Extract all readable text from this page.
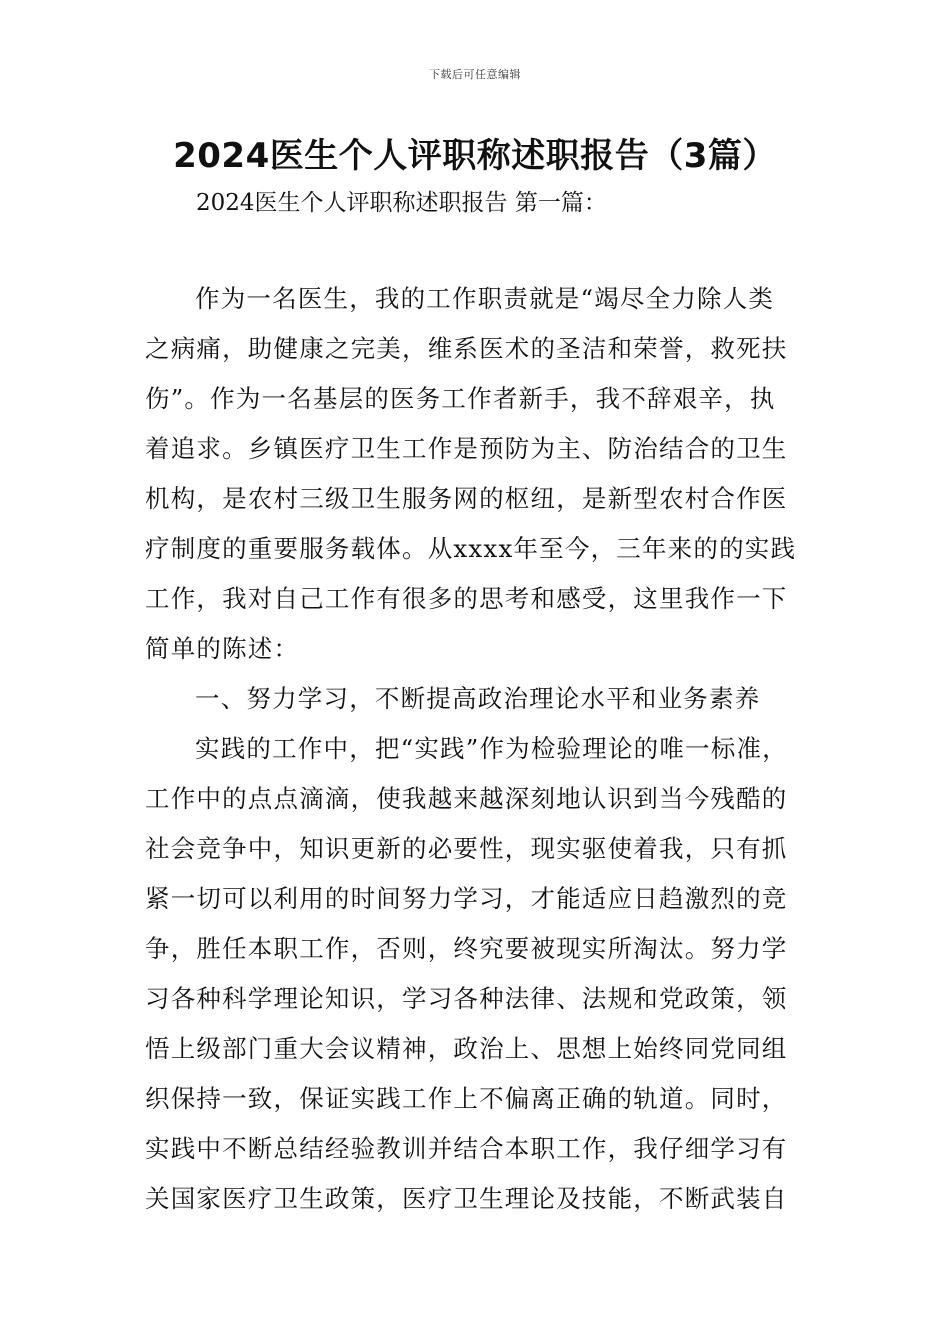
下载后可任意编辑
2024医生个人评职称述职报告（3篇）
2024医生个人评职称述职报告 第一篇：
作为一名医生，我的工作职责就是“竭尽全力除人类
之病痛，助健康之完美，维系医术的圣洁和荣誉，救死扶
伤”。作为一名基层的医务工作者新手，我不辞艰辛，执
着追求。乡镇医疗卫生工作是预防为主、防治结合的卫生
机构，是农村三级卫生服务网的枢纽，是新型农村合作医
疗制度的重要服务载体。从xxxx年至今，三年来的的实践
工作，我对自己工作有很多的思考和感受，这里我作一下
简单的陈述：
一、努力学习，不断提高政治理论水平和业务素养
实践的工作中，把“实践”作为检验理论的唯一标准，
工作中的点点滴滴，使我越来越深刻地认识到当今残酷的
社会竞争中，知识更新的必要性，现实驱使着我，只有抓
紧一切可以利用的时间努力学习，才能适应日趋激烈的竞
争，胜任本职工作，否则，终究要被现实所淘汰。努力学
习各种科学理论知识，学习各种法律、法规和党政策，领
悟上级部门重大会议精神，政治上、思想上始终同党同组
织保持一致，保证实践工作上不偏离正确的轨道。同时，
实践中不断总结经验教训并结合本职工作，我仔细学习有
关国家医疗卫生政策，医疗卫生理论及技能，不断武装自
